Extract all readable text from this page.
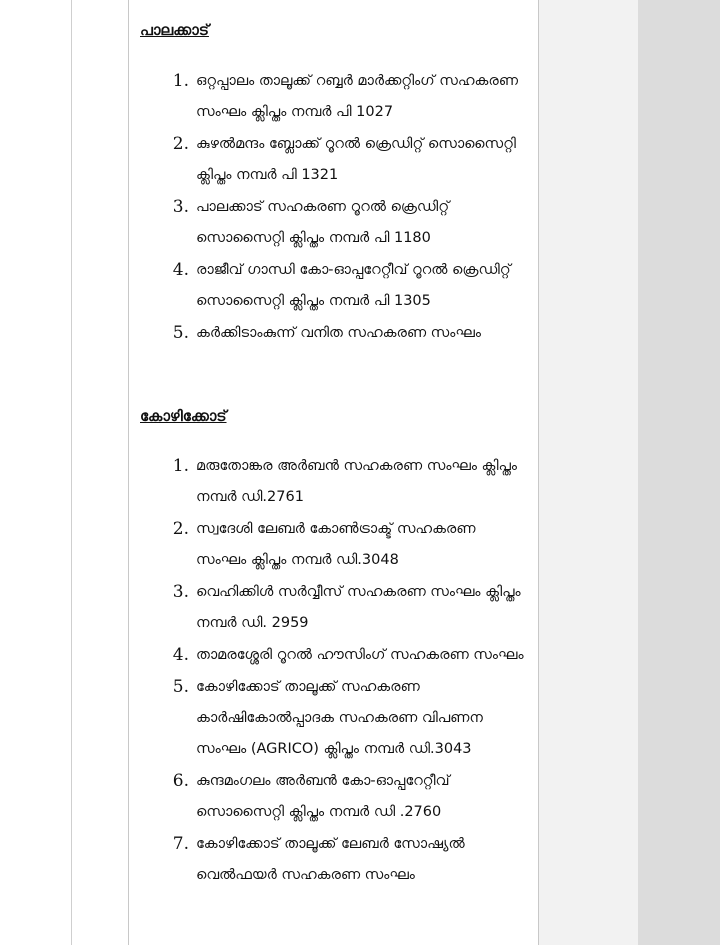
പാലക്കാട്
1. ഒറ്റപ്പാലം താലൂക്ക് റബ്ബർ മാർക്കറ്റിംഗ് സഹകരണ സംഘം ക്ലിപ്തം നമ്പർ പി 1027
2. കുഴൽമന്ദം ബ്ലോക്ക് റൂറൽ ക്രെഡിറ്റ് സൊസൈറ്റി ക്ലിപ്തം നമ്പർ പി 1321
3. പാലക്കാട് സഹകരണ റൂറൽ ക്രെഡിറ്റ് സൊസൈറ്റി ക്ലിപ്തം നമ്പർ പി 1180
4. രാജീവ് ഗാന്ധി കോ-ഓപ്പറേറ്റീവ് റൂറൽ ക്രെഡിറ്റ് സൊസൈറ്റി ക്ലിപ്തം നമ്പർ പി 1305
5. കർക്കിടാംകുന്ന് വനിത സഹകരണ സംഘം
കോഴിക്കോട്
1. മരുതോങ്കര അർബൻ സഹകരണ സംഘം ക്ലിപ്തം നമ്പർ ഡി.2761
2. സ്വദേശി ലേബർ കോൺട്രാക്ട് സഹകരണ സംഘം ക്ലിപ്തം നമ്പർ ഡി.3048
3. വെഹിക്കിൾ സർവ്വീസ് സഹകരണ സംഘം ക്ലിപ്തം നമ്പർ ഡി. 2959
4. താമരശ്ശേരി റൂറൽ ഹൗസിംഗ് സഹകരണ സംഘം
5. കോഴിക്കോട് താലൂക്ക് സഹകരണ കാർഷികോൽപ്പാദക സഹകരണ വിപണന സംഘം (AGRICO) ക്ലിപ്തം നമ്പർ ഡി.3043
6. കുന്ദമംഗലം അർബൻ കോ-ഓപ്പറേറ്റീവ് സൊസൈറ്റി ക്ലിപ്തം നമ്പർ ഡി .2760
7. കോഴിക്കോട് താലൂക്ക് ലേബർ സോഷ്യൽ വെൽഫയർ സഹകരണ സംഘം
